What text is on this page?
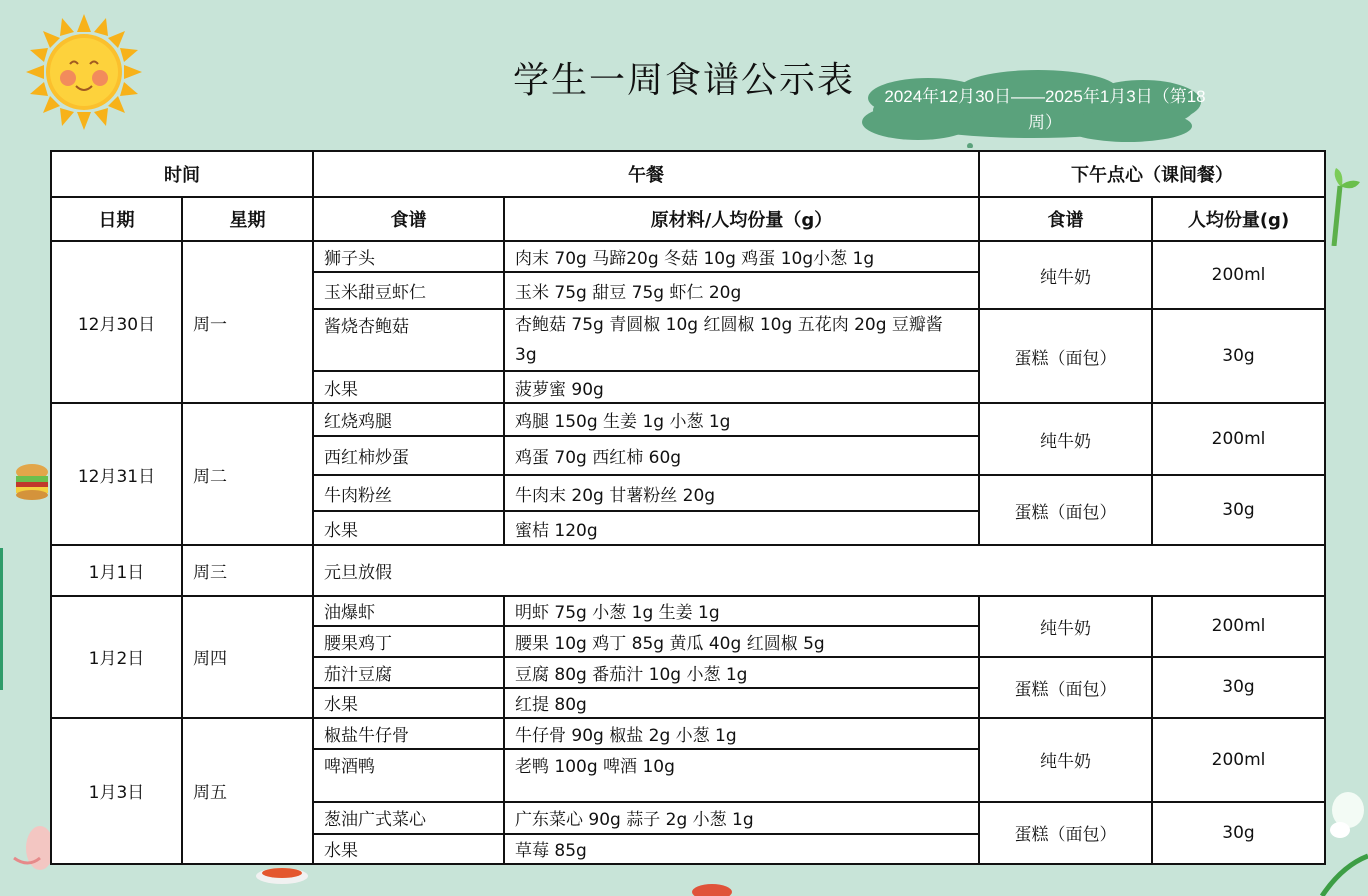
学生一周食谱公示表	2024年12月30日——2025年1月3日（第18周）
时间		午餐		下午点心（课间餐）	
日期	星期	食谱	原材料/人均份量（g）	食谱	人均份量(g)
12月30日	周一	狮子头	肉末 70g 马蹄20g 冬菇 10g 鸡蛋 10g小葱 1g	纯牛奶	200ml
		玉米甜豆虾仁	玉米 75g 甜豆 75g 虾仁 20g		
		酱烧杏鲍菇	杏鲍菇 75g 青圆椒 10g 红圆椒 10g 五花肉 20g 豆瓣酱 3g	蛋糕（面包）	30g
		水果	菠萝蜜 90g		
12月31日	周二	红烧鸡腿	鸡腿 150g 生姜 1g 小葱 1g	纯牛奶	200ml
		西红柿炒蛋	鸡蛋 70g 西红柿 60g		
		牛肉粉丝	牛肉末 20g 甘薯粉丝 20g	蛋糕（面包）	30g
		水果	蜜桔 120g		
1月1日	周三	元旦放假			
1月2日	周四	油爆虾	明虾 75g 小葱 1g 生姜 1g	纯牛奶	200ml
		腰果鸡丁	腰果 10g 鸡丁 85g 黄瓜 40g 红圆椒 5g		
		茄汁豆腐	豆腐 80g 番茄汁 10g 小葱 1g	蛋糕（面包）	30g
		水果	红提 80g		
1月3日	周五	椒盐牛仔骨	牛仔骨 90g 椒盐 2g 小葱 1g	纯牛奶	200ml
		啤酒鸭	老鸭 100g 啤酒 10g		
		葱油广式菜心	广东菜心 90g 蒜子 2g 小葱 1g	蛋糕（面包）	30g
		水果	草莓 85g		
